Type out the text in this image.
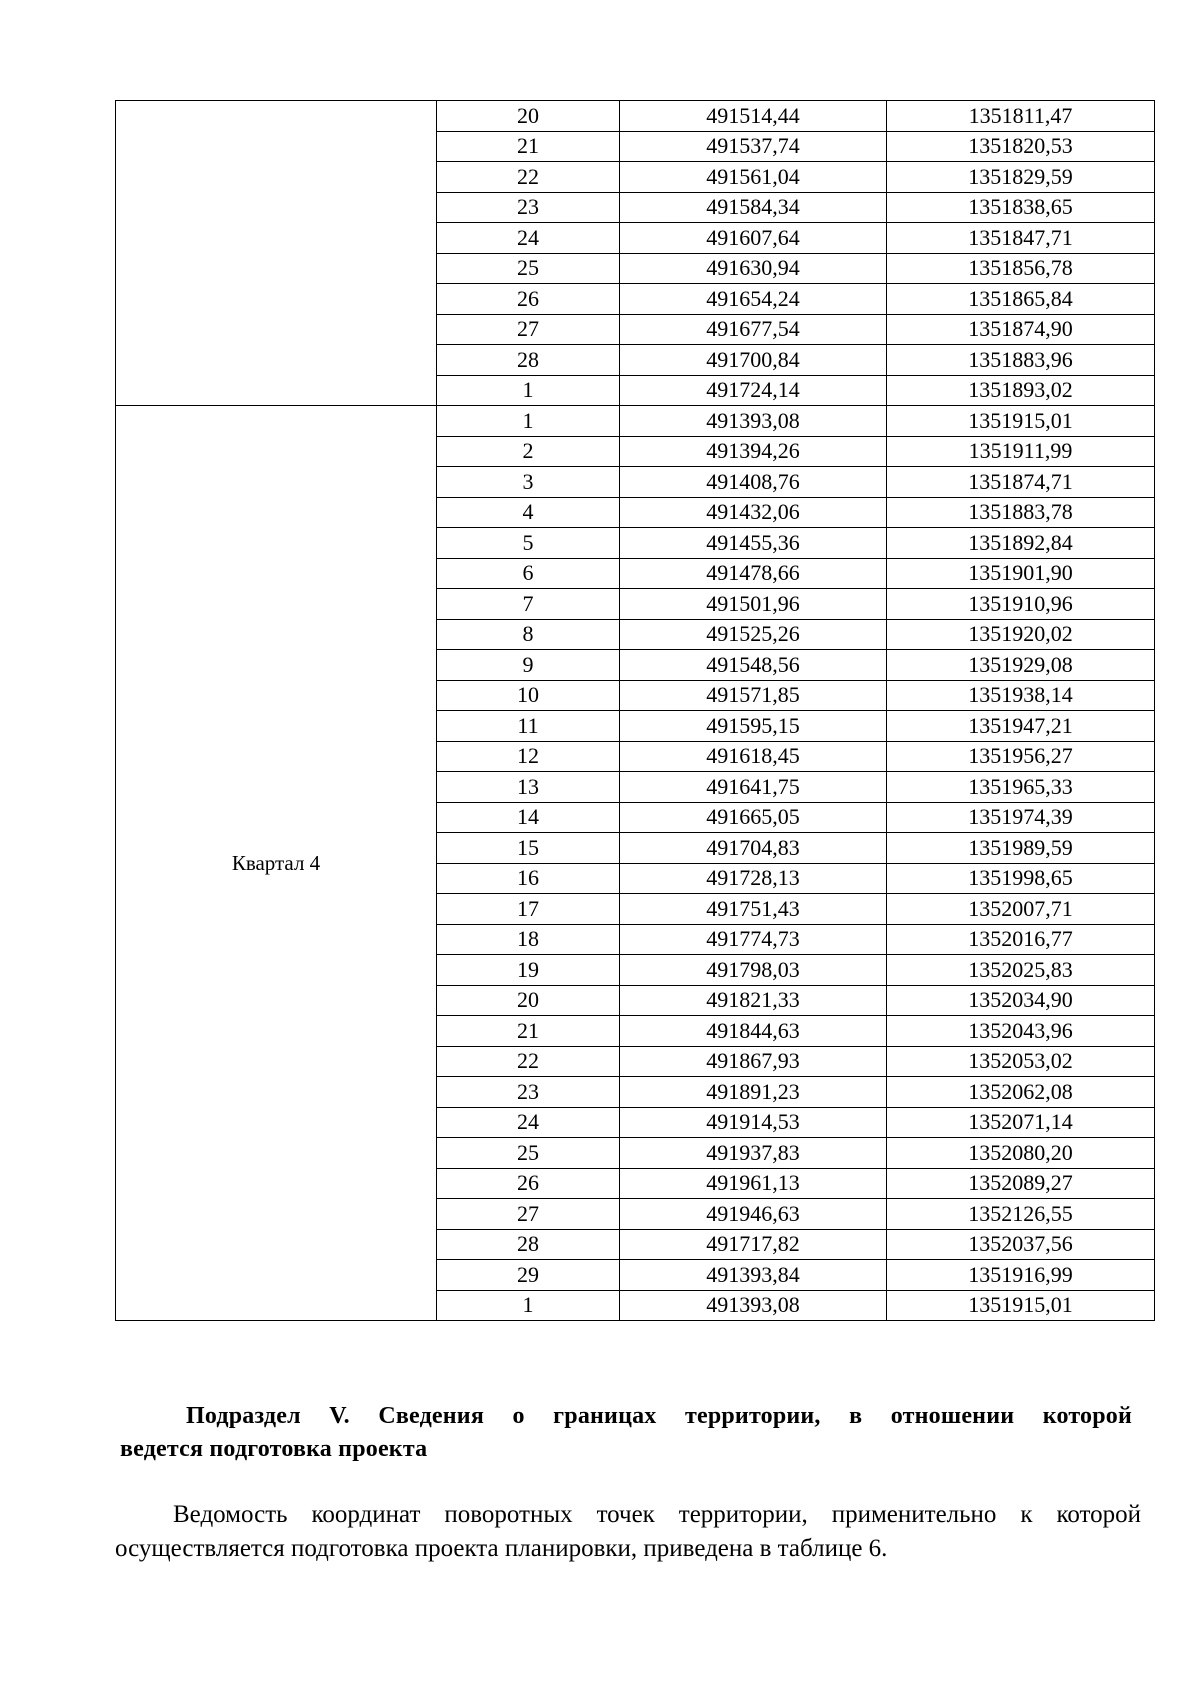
	20	491514,44	1351811,47
	21	491537,74	1351820,53
	22	491561,04	1351829,59
	23	491584,34	1351838,65
	24	491607,64	1351847,71
	25	491630,94	1351856,78
	26	491654,24	1351865,84
	27	491677,54	1351874,90
	28	491700,84	1351883,96
	1	491724,14	1351893,02
Квартал 4	1	491393,08	1351915,01
	2	491394,26	1351911,99
	3	491408,76	1351874,71
	4	491432,06	1351883,78
	5	491455,36	1351892,84
	6	491478,66	1351901,90
	7	491501,96	1351910,96
	8	491525,26	1351920,02
	9	491548,56	1351929,08
	10	491571,85	1351938,14
	11	491595,15	1351947,21
	12	491618,45	1351956,27
	13	491641,75	1351965,33
	14	491665,05	1351974,39
	15	491704,83	1351989,59
	16	491728,13	1351998,65
	17	491751,43	1352007,71
	18	491774,73	1352016,77
	19	491798,03	1352025,83
	20	491821,33	1352034,90
	21	491844,63	1352043,96
	22	491867,93	1352053,02
	23	491891,23	1352062,08
	24	491914,53	1352071,14
	25	491937,83	1352080,20
	26	491961,13	1352089,27
	27	491946,63	1352126,55
	28	491717,82	1352037,56
	29	491393,84	1351916,99
	1	491393,08	1351915,01
Подраздел V. Сведения о границах территории, в отношении которой
ведется подготовка проекта
Ведомость координат поворотных точек территории, применительно к которой
осуществляется подготовка проекта планировки, приведена в таблице 6.
